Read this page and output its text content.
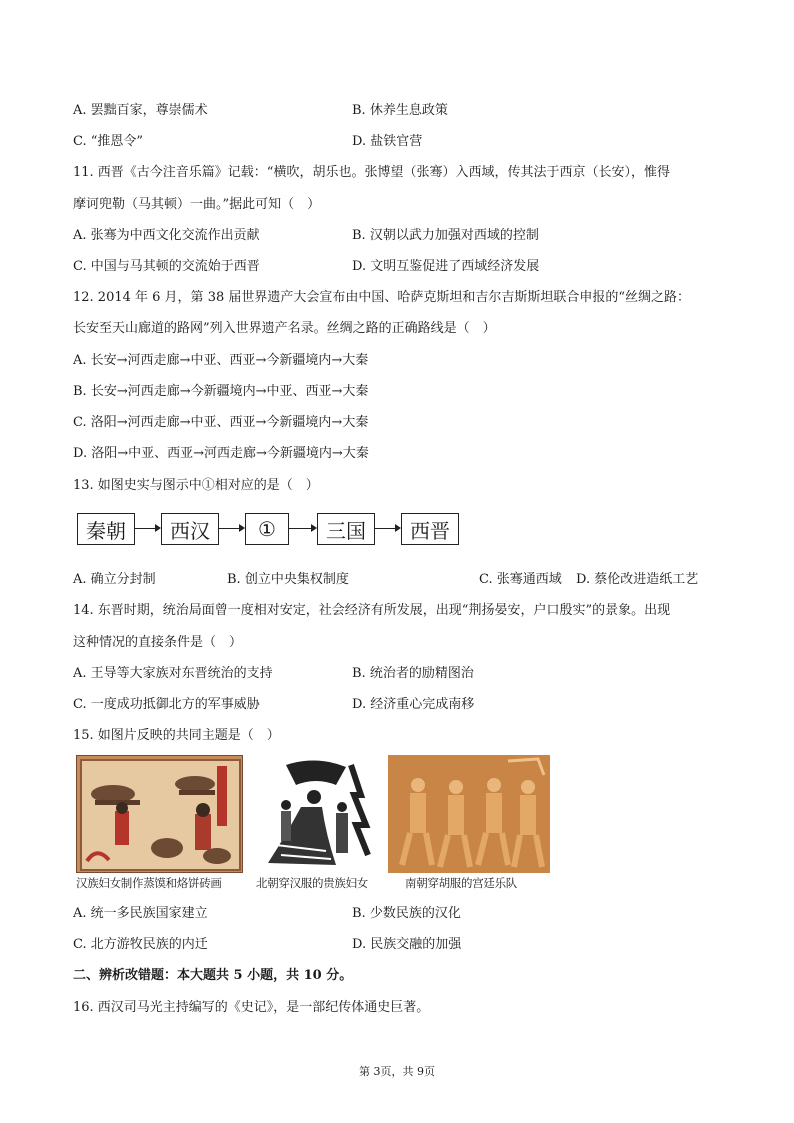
A. 罢黜百家，尊崇儒术	B. 休养生息政策
C. “推恩令”	D. 盐铁官营
11. 西晋《古今注音乐篇》记载：“横吹，胡乐也。张博望（张骞）入西域，传其法于西京（长安），惟得
摩诃兜勒（马其顿）一曲。”据此可知（　）
A. 张骞为中西文化交流作出贡献	B. 汉朝以武力加强对西域的控制
C. 中国与马其顿的交流始于西晋	D. 文明互鉴促进了西域经济发展
12. 2014 年 6 月，第 38 届世界遗产大会宣布由中国、哈萨克斯坦和吉尔吉斯斯坦联合申报的“丝绸之路：
长安至天山廊道的路网”列入世界遗产名录。丝绸之路的正确路线是（　）
A. 长安→河西走廊→中亚、西亚→今新疆境内→大秦
B. 长安→河西走廊→今新疆境内→中亚、西亚→大秦
C. 洛阳→河西走廊→中亚、西亚→今新疆境内→大秦
D. 洛阳→中亚、西亚→河西走廊→今新疆境内→大秦
13. 如图史实与图示中①相对应的是（　）
秦朝	西汉	①	三国	西晋
A. 确立分封制	B. 创立中央集权制度	C. 张骞通西域 D. 蔡伦改进造纸工艺
14. 东晋时期，统治局面曾一度相对安定，社会经济有所发展，出现“荆扬晏安，户口殷实”的景象。出现
这种情况的直接条件是（　）
A. 王导等大家族对东晋统治的支持	B. 统治者的励精图治
C. 一度成功抵御北方的军事威胁	D. 经济重心完成南移
15. 如图片反映的共同主题是（　）
汉族妇女制作蒸馍和烙饼砖画	北朝穿汉服的贵族妇女	南朝穿胡服的宫廷乐队
A. 统一多民族国家建立	B. 少数民族的汉化
C. 北方游牧民族的内迁	D. 民族交融的加强
二、辨析改错题：本大题共 5 小题，共 10 分。
16. 西汉司马光主持编写的《史记》，是一部纪传体通史巨著。
第 3页，共 9页
